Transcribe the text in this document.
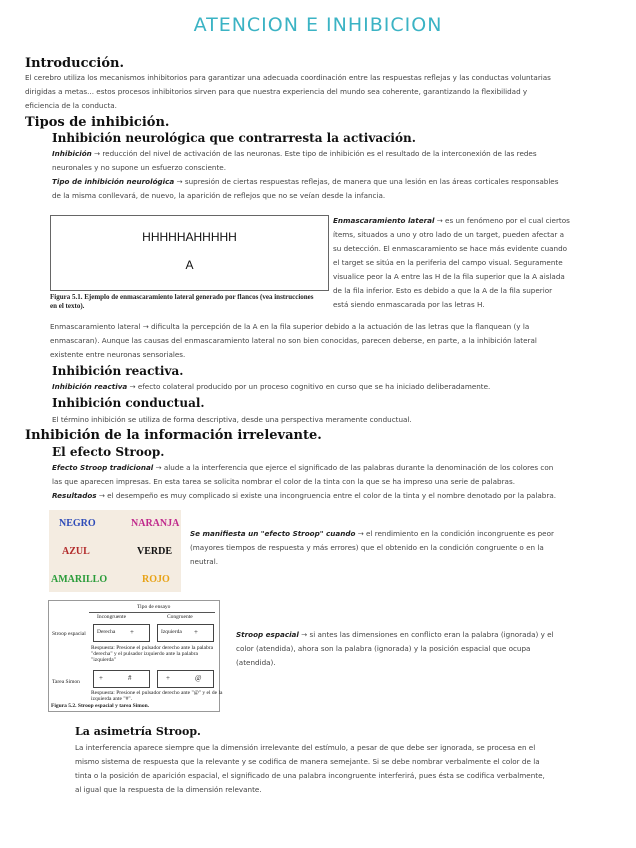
ATENCION E INHIBICION
Introducción.
El cerebro utiliza los mecanismos inhibitorios para garantizar una adecuada coordinación entre las respuestas reflejas y las conductas voluntarias
dirigidas a metas... estos procesos inhibitorios sirven para que nuestra experiencia del mundo sea coherente, garantizando la flexibilidad y
eficiencia de la conducta.
Tipos de inhibición.
Inhibición neurológica que contrarresta la activación.
Inhibición → reducción del nivel de activación de las neuronas. Este tipo de inhibición es el resultado de la interconexión de las redes
neuronales y no supone un esfuerzo consciente.
Tipo de inhibición neurológica → supresión de ciertas respuestas reflejas, de manera que una lesión en las áreas corticales responsables
de la misma conllevará, de nuevo, la aparición de reflejos que no se veían desde la infancia.
HHHHHAHHHHH
A
Figura 5.1. Ejemplo de enmascaramiento lateral generado por flancos (vea instrucciones
en el texto).
Enmascaramiento lateral → es un fenómeno por el cual ciertos
ítems, situados a uno y otro lado de un target, pueden afectar a
su detección. El enmascaramiento se hace más evidente cuando
el target se sitúa en la periferia del campo visual. Seguramente
visualice peor la A entre las H de la fila superior que la A aislada
de la fila inferior. Esto es debido a que la A de la fila superior
está siendo enmascarada por las letras H.
Enmascaramiento lateral → dificulta la percepción de la A en la fila superior debido a la actuación de las letras que la flanquean (y la
enmascaran). Aunque las causas del enmascaramiento lateral no son bien conocidas, parecen deberse, en parte, a la inhibición lateral
existente entre neuronas sensoriales.
Inhibición reactiva.
Inhibición reactiva → efecto colateral producido por un proceso cognitivo en curso que se ha iniciado deliberadamente.
Inhibición conductual.
El término inhibición se utiliza de forma descriptiva, desde una perspectiva meramente conductual.
Inhibición de la información irrelevante.
El efecto Stroop.
Efecto Stroop tradicional → alude a la interferencia que ejerce el significado de las palabras durante la denominación de los colores con
las que aparecen impresas. En esta tarea se solicita nombrar el color de la tinta con la que se ha impreso una serie de palabras.
Resultados → el desempeño es muy complicado si existe una incongruencia entre el color de la tinta y el nombre denotado por la palabra.
NEGRO	NARANJA
AZUL	VERDE
AMARILLO	ROJO
Se manifiesta un "efecto Stroop" cuando → el rendimiento en la condición incongruente es peor
(mayores tiempos de respuesta y más errores) que el obtenido en la condición congruente o en la
neutral.
Tipo de ensayo
Incongruente	Congruente
Stroop espacial Derecha +	Izquierda +
Respuesta: Presione el pulsador derecho ante la palabra
"derecha" y el pulsador izquierdo ante la palabra
"izquierda"
Tarea Simon	+	#	+	@
Respuesta: Presione el pulsador derecho ante "@" y el de la
izquierda ante "#".
Figura 5.2. Stroop espacial y tarea Simon.
Stroop espacial → si antes las dimensiones en conflicto eran la palabra (ignorada) y el
color (atendida), ahora son la palabra (ignorada) y la posición espacial que ocupa
(atendida).
La asimetría Stroop.
La interferencia aparece siempre que la dimensión irrelevante del estímulo, a pesar de que debe ser ignorada, se procesa en el
mismo sistema de respuesta que la relevante y se codifica de manera semejante. Si se debe nombrar verbalmente el color de la
tinta o la posición de aparición espacial, el significado de una palabra incongruente interferirá, pues ésta se codifica verbalmente,
al igual que la respuesta de la dimensión relevante.
